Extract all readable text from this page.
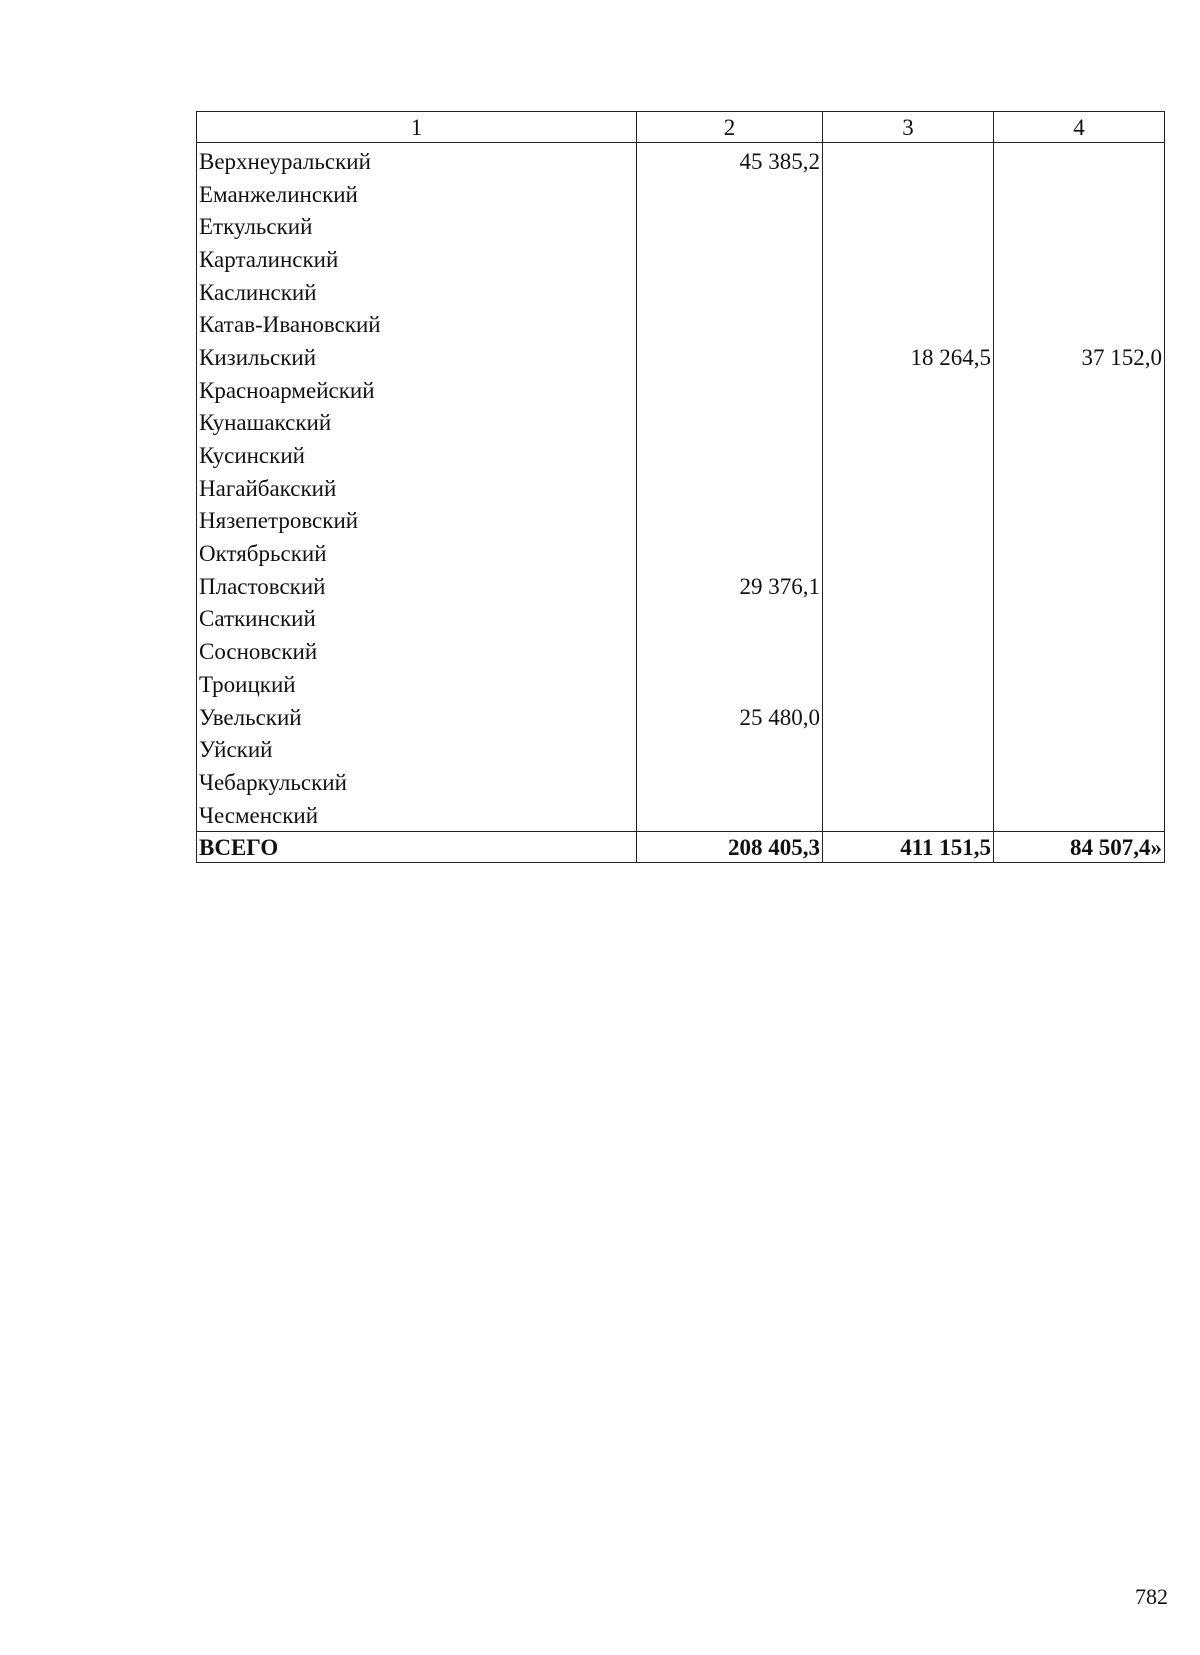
1	2	3	4
Верхнеуральский	45 385,2		
Еманжелинский			
Еткульский			
Карталинский			
Каслинский			
Катав-Ивановский			
Кизильский		18 264,5	37 152,0
Красноармейский			
Кунашакский			
Кусинский			
Нагайбакский			
Нязепетровский			
Октябрьский			
Пластовский	29 376,1		
Саткинский			
Сосновский			
Троицкий			
Увельский	25 480,0		
Уйский			
Чебаркульский			
Чесменский			
ВСЕГО	208 405,3	411 151,5	84 507,4»
782
